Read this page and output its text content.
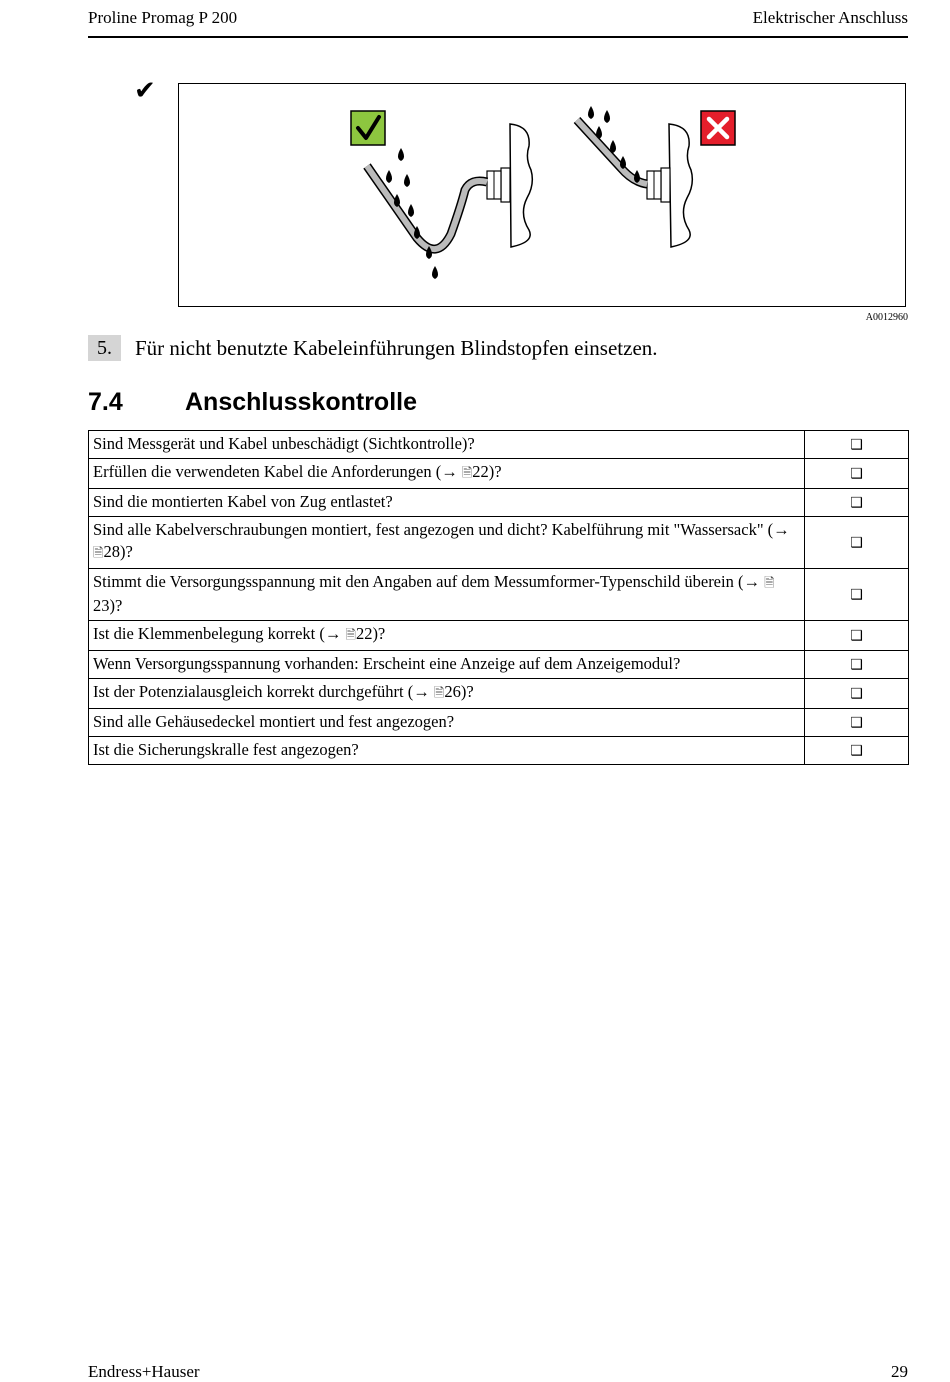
Proline Promag P 200	Elektrischer Anschluss
✔
A0012960
5. Für nicht benutzte Kabeleinführungen Blindstopfen einsetzen.
7.4 Anschlusskontrolle
Sind Messgerät und Kabel unbeschädigt (Sichtkontrolle)?	❑
Erfüllen die verwendeten Kabel die Anforderungen (→ 🗎22)?	❑
Sind die montierten Kabel von Zug entlastet?	❑
Sind alle Kabelverschraubungen montiert, fest angezogen und dicht? Kabelführung mit "Wassersack" (→ 🗎28)?	❑
Stimmt die Versorgungsspannung mit den Angaben auf dem Messumformer-Typenschild überein (→ 🗎23)?	❑
Ist die Klemmenbelegung korrekt (→ 🗎22)?	❑
Wenn Versorgungsspannung vorhanden: Erscheint eine Anzeige auf dem Anzeigemodul?	❑
Ist der Potenzialausgleich korrekt durchgeführt (→ 🗎26)?	❑
Sind alle Gehäusedeckel montiert und fest angezogen?	❑
Ist die Sicherungskralle fest angezogen?	❑
Endress+Hauser	29
